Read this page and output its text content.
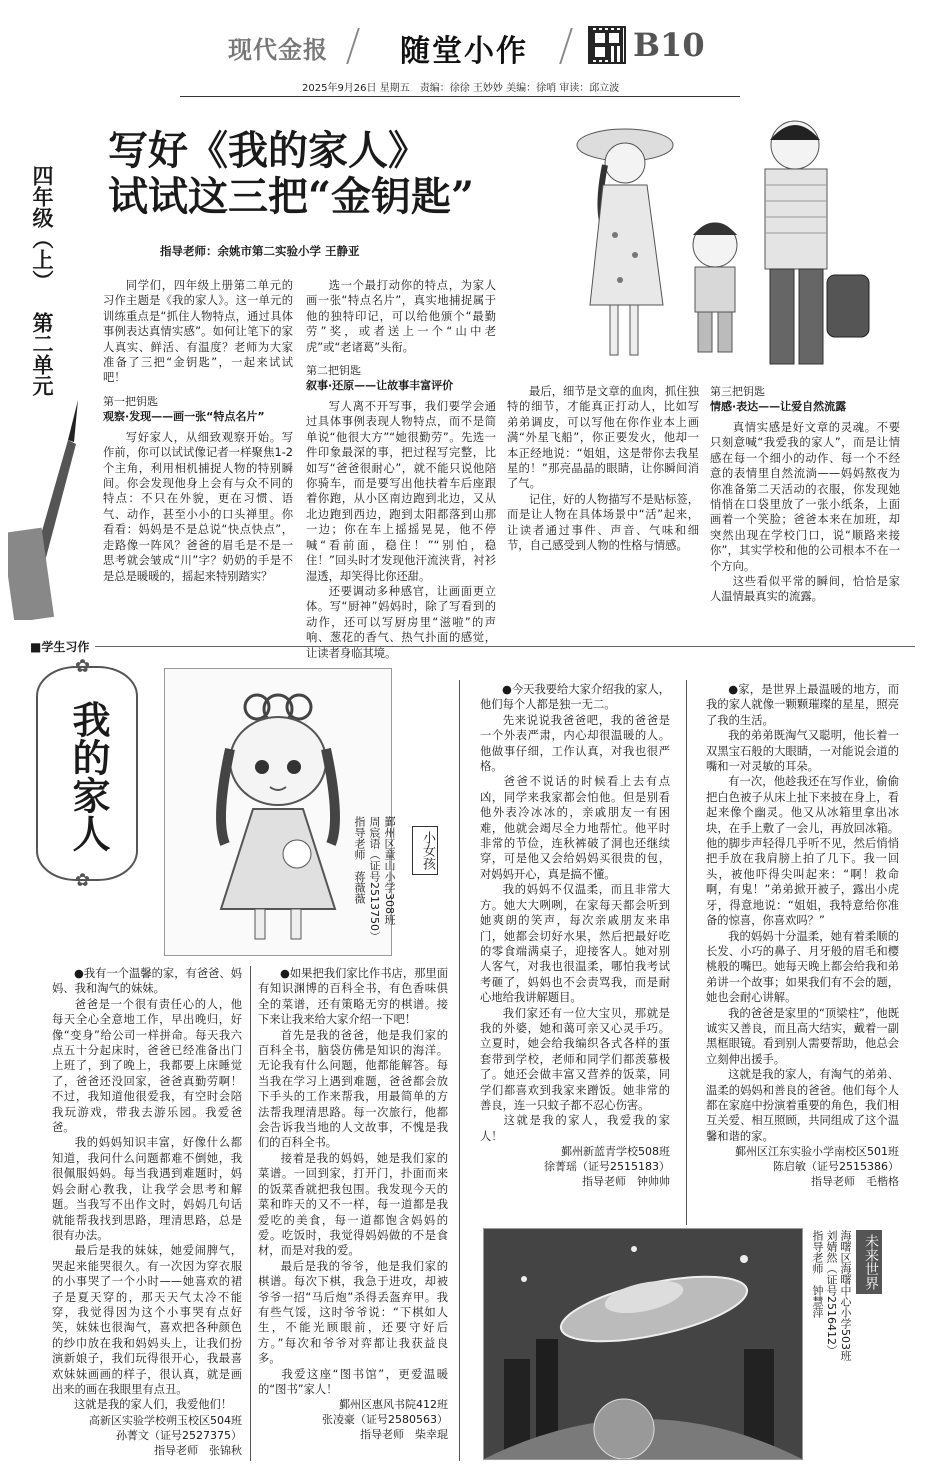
现代金报 随堂小作	B10
2025年9月26日 星期五　责编：徐徐 王妙妙 美编：徐哨 审读：邱立波
四年级（上） 第二单元
写好《我的家人》
试试这三把“金钥匙”
指导老师：余姚市第二实验小学 王静亚

同学们，四年级上册第二单元的习作主题是《我的家人》。这一单元的训练重点是“抓住人物特点，通过具体事例表达真情实感”。如何让笔下的家人真实、鲜活、有温度？老师为大家准备了三把“金钥匙”，一起来试试吧！

第一把钥匙

观察·发现——画一张“特点名片”

写好家人，从细致观察开始。写作前，你可以试试像记者一样聚焦1-2个主角，利用相机捕捉人物的特别瞬间。你会发现他身上会有与众不同的特点：不只在外貌，更在习惯、语气、动作，甚至小小的口头禅里。你看看：妈妈是不是总说“快点快点”，走路像一阵风？爸爸的眉毛是不是一思考就会皱成“川”字？奶奶的手是不是总是暖暖的，摇起来特别踏实？

选一个最打动你的特点，为家人画一张“特点名片”，真实地捕捉属于他的独特印记，可以给他颁个“最勤劳”奖，或者送上一个“山中老虎”或“老诸葛”头衔。

第二把钥匙

叙事·还原——让故事丰富评价

写人离不开写事，我们要学会通过具体事例表现人物特点，而不是简单说“他很大方”“她很勤劳”。先选一件印象最深的事，把过程写完整，比如写“爸爸很耐心”，就不能只说他陪你骑车，而是要写出他扶着车后座跟着你跑，从小区南边跑到北边，又从北边跑到西边，跑到太阳都落到山那一边；你在车上摇摇晃晃，他不停喊“看前面，稳住！”“别怕，稳住！”回头时才发现他汗流浃背，衬衫湿透，却笑得比你还甜。

还要调动多种感官，让画面更立体。写“厨神”妈妈时，除了写看到的动作，还可以写厨房里“滋啦”的声响、葱花的香气、热气扑面的感觉，让读者身临其境。

最后，细节是文章的血肉，抓住独特的细节，才能真正打动人，比如写弟弟调皮，可以写他在你作业本上画满“外星飞船”，你正要发火，他却一本正经地说：“姐姐，这是带你去我星星的！”那亮晶晶的眼睛，让你瞬间消了气。

记住，好的人物描写不是贴标签，而是让人物在具体场景中“活”起来，让读者通过事件、声音、气味和细节，自己感受到人物的性格与情感。

第三把钥匙

情感·表达——让爱自然流露

真情实感是好文章的灵魂。不要只刻意喊“我爱我的家人”，而是让情感在每一个细小的动作、每一个不经意的表情里自然流淌——妈妈熬夜为你准备第二天活动的衣服，你发现她悄悄在口袋里放了一张小纸条，上面画着一个笑脸；爸爸本来在加班，却突然出现在学校门口，说“顺路来接你”，其实学校和他的公司根本不在一个方向。

这些看似平常的瞬间，恰恰是家人温情最真实的流露。

■学生习作
✿
✿
我的家人	小女孩
鄞州区童山小学308班
周宸语（证号2513750）
指导老师　蒋薇薇

●我有一个温馨的家，有爸爸、妈妈、我和淘气的妹妹。

爸爸是一个很有责任心的人，他每天全心全意地工作，早出晚归，好像“变身”给公司一样拼命。每天我六点五十分起床时，爸爸已经准备出门上班了，到了晚上，我都要上床睡觉了，爸爸还没回家，爸爸真勤劳啊！不过，我知道他很爱我，有空时会陪我玩游戏，带我去游乐园。我爱爸爸。

我的妈妈知识丰富，好像什么都知道，我问什么问题都难不倒她，我很佩服妈妈。每当我遇到难题时，妈妈会耐心教我，让我学会思考和解题。当我写不出作文时，妈妈几句话就能帮我找到思路，理清思路，总是很有办法。

最后是我的妹妹，她爱闹脾气，哭起来能哭很久。有一次因为穿衣服的小事哭了一个小时——她喜欢的裙子是夏天穿的，那天天气太冷不能穿，我觉得因为这个小事哭有点好笑，妹妹也很淘气，喜欢把各种颜色的纱巾放在我和妈妈头上，让我们扮演新娘子，我们玩得很开心，我最喜欢妹妹画画的样子，很认真，就是画出来的画在我眼里有点丑。

这就是我的家人们，我爱他们！

高新区实验学校朔玉校区504班

孙菁文（证号2527375）

指导老师　张锦秋

●如果把我们家比作书店，那里面有知识渊博的百科全书，有色香味俱全的菜谱，还有策略无穷的棋谱。接下来让我来给大家介绍一下吧！

首先是我的爸爸，他是我们家的百科全书，脑袋仿佛是知识的海洋。无论我有什么问题，他都能解答。每当我在学习上遇到难题，爸爸都会放下手头的工作来帮我，用最简单的方法帮我理清思路。每一次旅行，他都会告诉我当地的人文故事，不愧是我们的百科全书。

接着是我的妈妈，她是我们家的菜谱。一回到家，打开门，扑面而来的饭菜香就把我包围。我发现今天的菜和昨天的又不一样，每一道都是我爱吃的美食，每一道都饱含妈妈的爱。吃饭时，我觉得妈妈做的不是食材，而是对我的爱。

最后是我的爷爷，他是我们家的棋谱。每次下棋，我急于进攻，却被爷爷一招“马后炮”杀得丢盔弃甲。我有些气馁，这时爷爷说：“下棋如人生，不能光顾眼前，还要守好后方。”每次和爷爷对弈都让我获益良多。

我爱这座“图书馆”，更爱温暖的“图书”家人！

鄞州区惠风书院412班

张凌豪（证号2580563）

指导老师　柴幸琨

●今天我要给大家介绍我的家人，他们每个人都是独一无二。

先来说说我爸爸吧，我的爸爸是一个外表严肃，内心却很温暖的人。他做事仔细，工作认真，对我也很严格。

爸爸不说话的时候看上去有点凶，同学来我家都会怕他。但是别看他外表冷冰冰的，亲戚朋友一有困难，他就会竭尽全力地帮忙。他平时非常的节俭，连秋裤破了洞也还继续穿，可是他又会给妈妈买很贵的包，对妈妈开心，真是搞不懂。

我的妈妈不仅温柔，而且非常大方。她大大咧咧，在家每天都会听到她爽朗的笑声，每次亲戚朋友来串门，她都会切好水果，然后把最好吃的零食端满桌子，迎接客人。她对别人客气，对我也很温柔，哪怕我考试考砸了，妈妈也不会责骂我，而是耐心地给我讲解题目。

我们家还有一位大宝贝，那就是我的外婆，她和蔼可亲又心灵手巧。立夏时，她会给我编织各式各样的蛋套带到学校，老师和同学们都羡慕极了。她还会做丰富又营养的饭菜，同学们都喜欢到我家来蹭饭。她非常的善良，连一只蚊子都不忍心伤害。

这就是我的家人，我爱我的家人！

鄞州新蓝青学校508班

徐菁瑶（证号2515183）

指导老师　钟帅帅

●家，是世界上最温暖的地方，而我的家人就像一颗颗璀璨的星星，照亮了我的生活。

我的弟弟既淘气又聪明，他长着一双黑宝石般的大眼睛，一对能说会道的嘴和一对灵敏的耳朵。

有一次，他趁我还在写作业，偷偷把白色被子从床上扯下来披在身上，看起来像个幽灵。他又从冰箱里拿出冰块，在手上敷了一会儿，再放回冰箱。他的脚步声轻得几乎听不见，然后悄悄把手放在我肩膀上拍了几下。我一回头，被他吓得尖叫起来：“啊！救命啊，有鬼！”弟弟掀开被子，露出小虎牙，得意地说：“姐姐，我特意给你准备的惊喜，你喜欢吗？”

我的妈妈十分温柔，她有着柔顺的长发、小巧的鼻子、月牙般的眉毛和樱桃般的嘴巴。她每天晚上都会给我和弟弟讲一个故事；如果我们有不会的题，她也会耐心讲解。

我的爸爸是家里的“顶梁柱”，他既诚实又善良，而且高大结实，戴着一副黑框眼镜。看到别人需要帮助，他总会立刻伸出援手。

这就是我的家人，有淘气的弟弟、温柔的妈妈和善良的爸爸。他们每个人都在家庭中扮演着重要的角色，我们相互关爱、相互照顾，共同组成了这个温馨和谐的家。

鄞州区江东实验小学南校区501班

陈启敏（证号2515386）

指导老师　毛楷格

未来世界
海曙区海曙中心小学503班
刘婧然（证号2516412）
指导老师　钟慧萍
